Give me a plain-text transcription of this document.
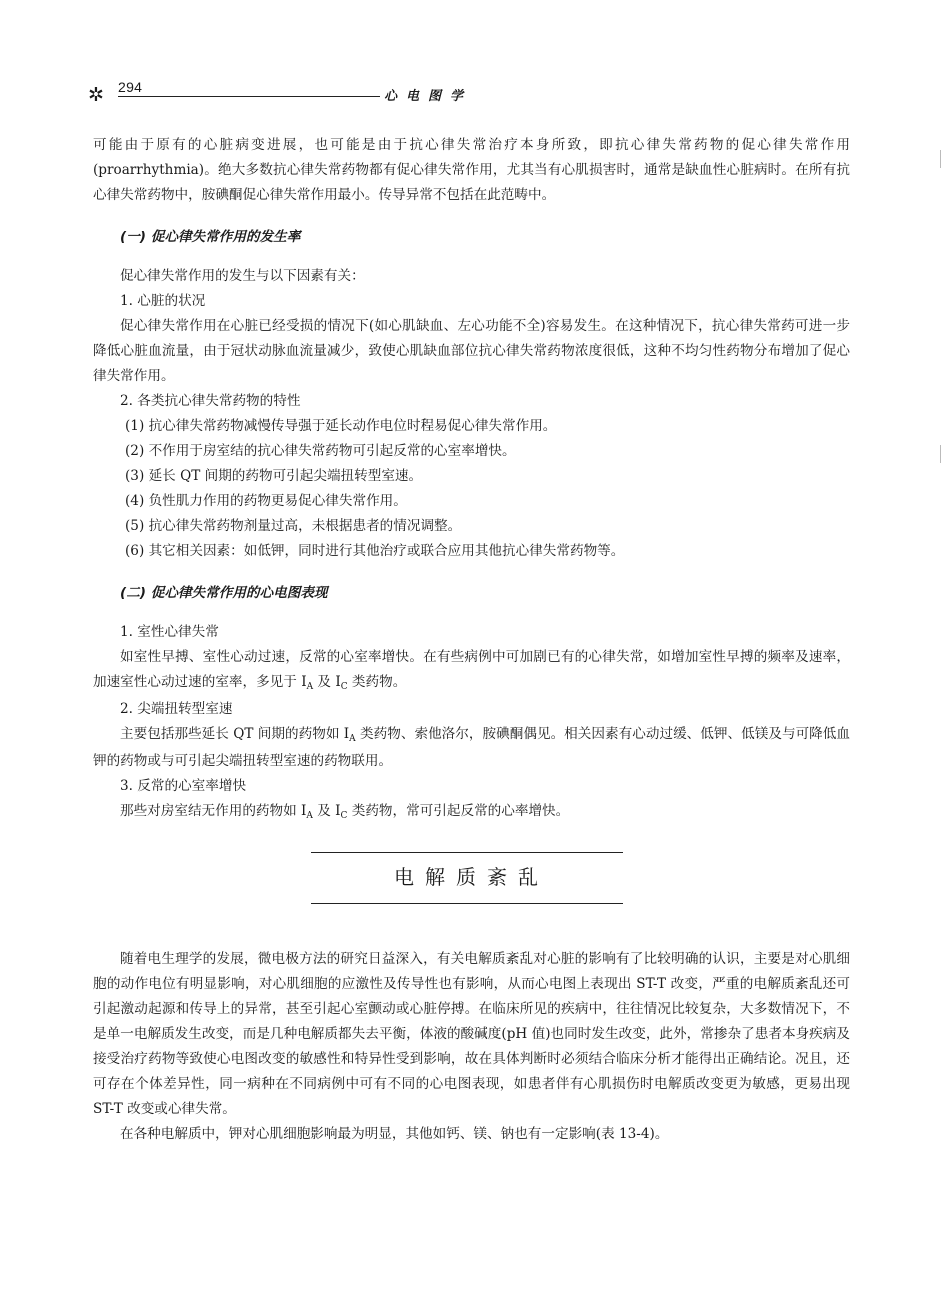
✲ 294
心电图学

可能由于原有的心脏病变进展，也可能是由于抗心律失常治疗本身所致，即抗心律失常药物的促心律失常作用(proarrhythmia)。绝大多数抗心律失常药物都有促心律失常作用，尤其当有心肌损害时，通常是缺血性心脏病时。在所有抗心律失常药物中，胺碘酮促心律失常作用最小。传导异常不包括在此范畴中。

(一) 促心律失常作用的发生率

促心律失常作用的发生与以下因素有关：

1. 心脏的状况

促心律失常作用在心脏已经受损的情况下(如心肌缺血、左心功能不全)容易发生。在这种情况下，抗心律失常药可进一步降低心脏血流量，由于冠状动脉血流量减少，致使心肌缺血部位抗心律失常药物浓度很低，这种不均匀性药物分布增加了促心律失常作用。

2. 各类抗心律失常药物的特性

(1) 抗心律失常药物减慢传导强于延长动作电位时程易促心律失常作用。

(2) 不作用于房室结的抗心律失常药物可引起反常的心室率增快。

(3) 延长 QT 间期的药物可引起尖端扭转型室速。

(4) 负性肌力作用的药物更易促心律失常作用。

(5) 抗心律失常药物剂量过高，未根据患者的情况调整。

(6) 其它相关因素：如低钾，同时进行其他治疗或联合应用其他抗心律失常药物等。

(二) 促心律失常作用的心电图表现

1. 室性心律失常

如室性早搏、室性心动过速，反常的心室率增快。在有些病例中可加剧已有的心律失常，如增加室性早搏的频率及速率，加速室性心动过速的室率，多见于 $I_A$ 及 $I_C$ 类药物。

2. 尖端扭转型室速

主要包括那些延长 QT 间期的药物如 $I_A$ 类药物、索他洛尔，胺碘酮偶见。相关因素有心动过缓、低钾、低镁及与可降低血钾的药物或与可引起尖端扭转型室速的药物联用。

3. 反常的心室率增快

那些对房室结无作用的药物如 $I_A$ 及 $I_C$ 类药物，常可引起反常的心率增快。

电解质紊乱

随着电生理学的发展，微电极方法的研究日益深入，有关电解质紊乱对心脏的影响有了比较明确的认识，主要是对心肌细胞的动作电位有明显影响，对心肌细胞的应激性及传导性也有影响，从而心电图上表现出 ST-T 改变，严重的电解质紊乱还可引起激动起源和传导上的异常，甚至引起心室颤动或心脏停搏。在临床所见的疾病中，往往情况比较复杂，大多数情况下，不是单一电解质发生改变，而是几种电解质都失去平衡，体液的酸碱度(pH 值)也同时发生改变，此外，常掺杂了患者本身疾病及接受治疗药物等致使心电图改变的敏感性和特异性受到影响，故在具体判断时必须结合临床分析才能得出正确结论。况且，还可存在个体差异性，同一病种在不同病例中可有不同的心电图表现，如患者伴有心肌损伤时电解质改变更为敏感，更易出现 ST-T 改变或心律失常。

在各种电解质中，钾对心肌细胞影响最为明显，其他如钙、镁、钠也有一定影响(表 13-4)。
